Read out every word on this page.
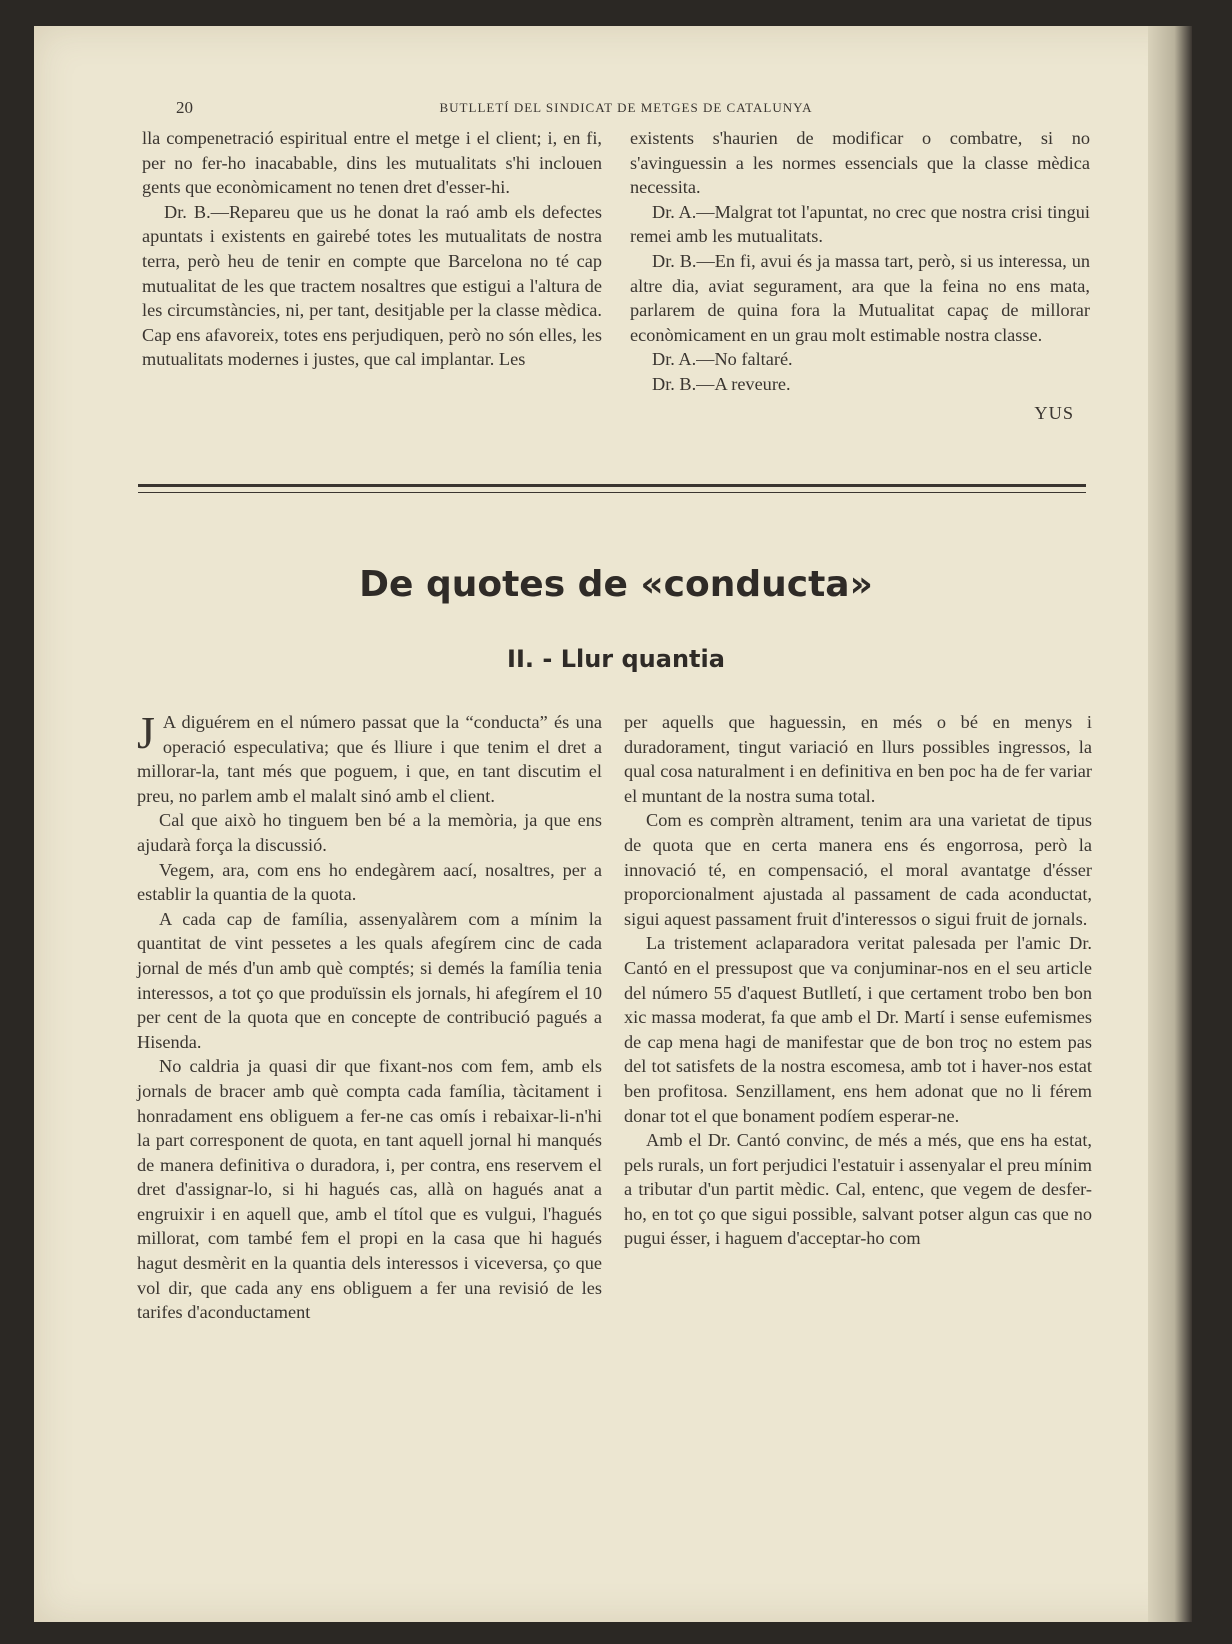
20	BUTLLETÍ DEL SINDICAT DE METGES DE CATALUNYA

lla compenetració espiritual entre el metge i el client; i, en fi, per no fer-ho inacabable, dins les mutualitats s'hi inclouen gents que econòmicament no tenen dret d'esser-hi.

Dr. B.—Repareu que us he donat la raó amb els defectes apuntats i existents en gairebé totes les mutualitats de nostra terra, però heu de tenir en compte que Barcelona no té cap mutualitat de les que tractem nosaltres que estigui a l'altura de les circumstàncies, ni, per tant, desitjable per la classe mèdica. Cap ens afavoreix, totes ens perjudiquen, però no són elles, les mutualitats modernes i justes, que cal implantar. Les

existents s'haurien de modificar o combatre, si no s'avinguessin a les normes essencials que la classe mèdica necessita.

Dr. A.—Malgrat tot l'apuntat, no crec que nostra crisi tingui remei amb les mutualitats.

Dr. B.—En fi, avui és ja massa tart, però, si us interessa, un altre dia, aviat segurament, ara que la feina no ens mata, parlarem de quina fora la Mutualitat capaç de millorar econòmicament en un grau molt estimable nostra classe.

Dr. A.—No faltaré.

Dr. B.—A reveure.

YUS

De quotes de «conducta»
II. - Llur quantia

J A diguérem en el número passat que la “conducta” és una operació especulativa; que és lliure i que tenim el dret a millorar-la, tant més que poguem, i que, en tant discutim el preu, no parlem amb el malalt sinó amb el client.

Cal que això ho tinguem ben bé a la memòria, ja que ens ajudarà força la discussió.

Vegem, ara, com ens ho endegàrem aací, nosaltres, per a establir la quantia de la quota.

A cada cap de família, assenyalàrem com a mínim la quantitat de vint pessetes a les quals afegírem cinc de cada jornal de més d'un amb què comptés; si demés la família tenia interessos, a tot ço que produïssin els jornals, hi afegírem el 10 per cent de la quota que en concepte de contribució pagués a Hisenda.

No caldria ja quasi dir que fixant-nos com fem, amb els jornals de bracer amb què compta cada família, tàcitament i honradament ens obliguem a fer-ne cas omís i rebaixar-li-n'hi la part corresponent de quota, en tant aquell jornal hi manqués de manera definitiva o duradora, i, per contra, ens reservem el dret d'assignar-lo, si hi hagués cas, allà on hagués anat a engruixir i en aquell que, amb el títol que es vulgui, l'hagués millorat, com també fem el propi en la casa que hi hagués hagut desmèrit en la quantia dels interessos i viceversa, ço que vol dir, que cada any ens obliguem a fer una revisió de les tarifes d'aconductament

per aquells que haguessin, en més o bé en menys i duradorament, tingut variació en llurs possibles ingressos, la qual cosa naturalment i en definitiva en ben poc ha de fer variar el muntant de la nostra suma total.

Com es comprèn altrament, tenim ara una varietat de tipus de quota que en certa manera ens és engorrosa, però la innovació té, en compensació, el moral avantatge d'ésser proporcionalment ajustada al passament de cada aconductat, sigui aquest passament fruit d'interessos o sigui fruit de jornals.

La tristement aclaparadora veritat palesada per l'amic Dr. Cantó en el pressupost que va conjuminar-nos en el seu article del número 55 d'aquest Butlletí, i que certament trobo ben bon xic massa moderat, fa que amb el Dr. Martí i sense eufemismes de cap mena hagi de manifestar que de bon troç no estem pas del tot satisfets de la nostra escomesa, amb tot i haver-nos estat ben profitosa. Senzillament, ens hem adonat que no li férem donar tot el que bonament podíem esperar-ne.

Amb el Dr. Cantó convinc, de més a més, que ens ha estat, pels rurals, un fort perjudici l'estatuir i assenyalar el preu mínim a tributar d'un partit mèdic. Cal, entenc, que vegem de desfer-ho, en tot ço que sigui possible, salvant potser algun cas que no pugui ésser, i haguem d'acceptar-ho com
